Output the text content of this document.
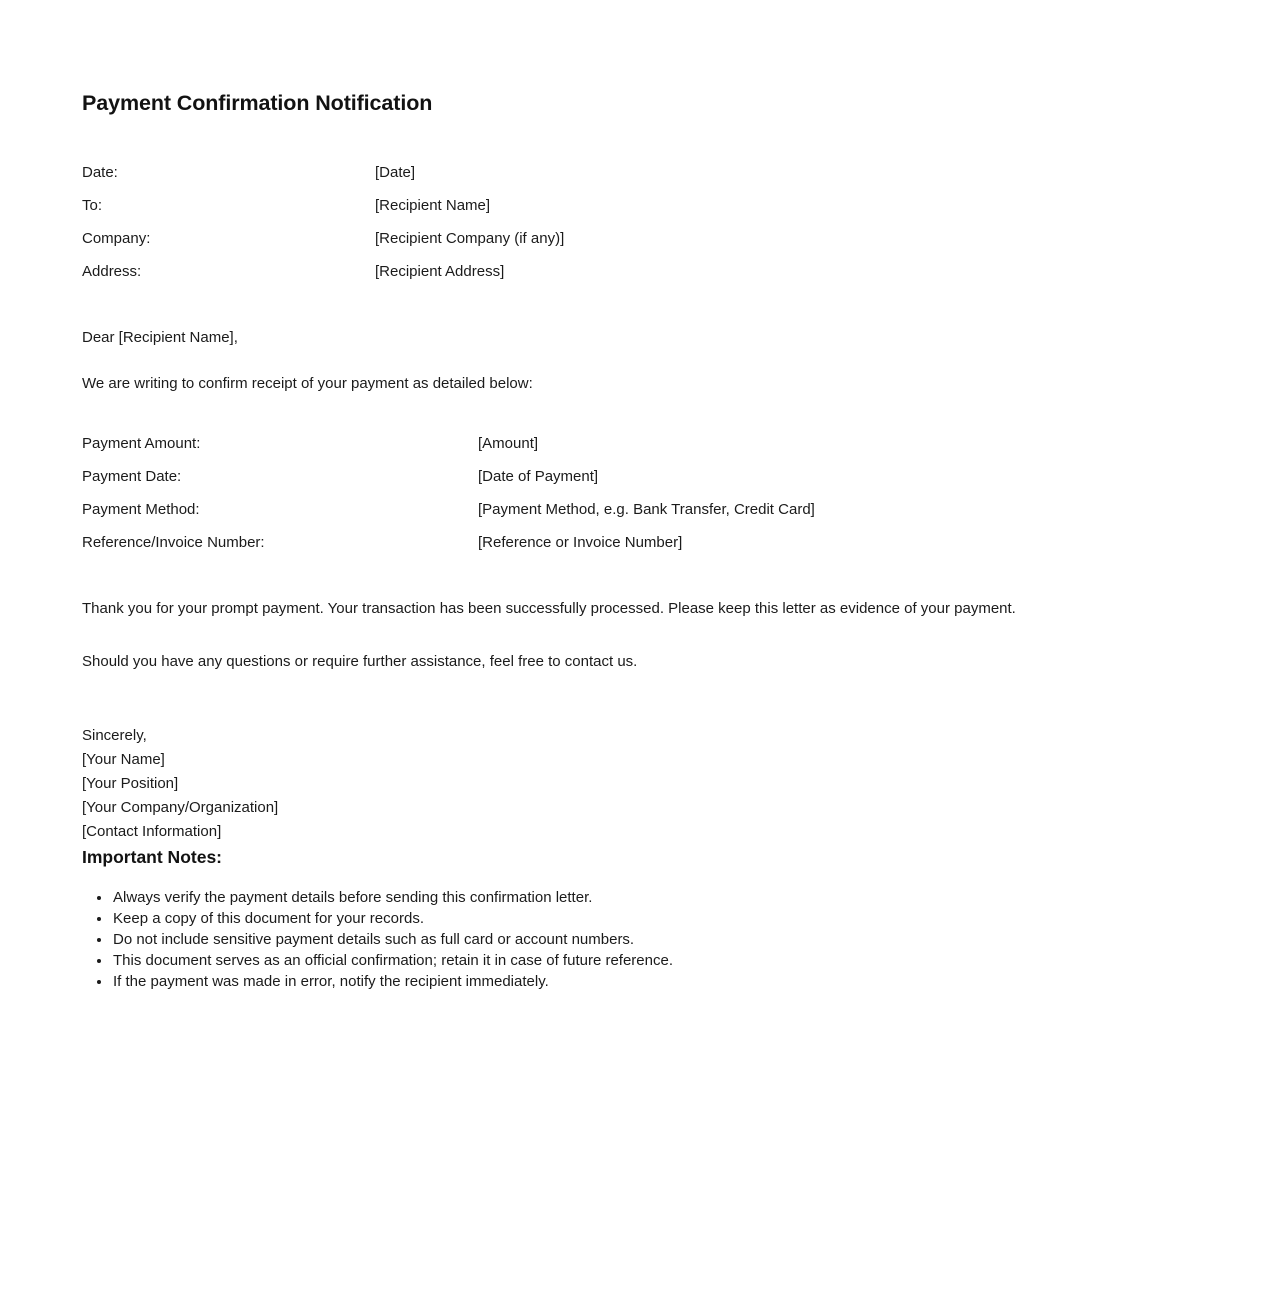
Payment Confirmation Notification
Date:	[Date]
To:	[Recipient Name]
Company:	[Recipient Company (if any)]
Address:	[Recipient Address]

Dear [Recipient Name],

We are writing to confirm receipt of your payment as detailed below:

Payment Amount:	[Amount]
Payment Date:	[Date of Payment]
Payment Method:	[Payment Method, e.g. Bank Transfer, Credit Card]
Reference/Invoice Number:	[Reference or Invoice Number]

Thank you for your prompt payment. Your transaction has been successfully processed. Please keep this letter as evidence of your payment.

Should you have any questions or require further assistance, feel free to contact us.

Sincerely,
[Your Name]
[Your Position]
[Your Company/Organization]
[Contact Information]
Important Notes:
• Always verify the payment details before sending this confirmation letter.
• Keep a copy of this document for your records.
• Do not include sensitive payment details such as full card or account numbers.
• This document serves as an official confirmation; retain it in case of future reference.
• If the payment was made in error, notify the recipient immediately.
